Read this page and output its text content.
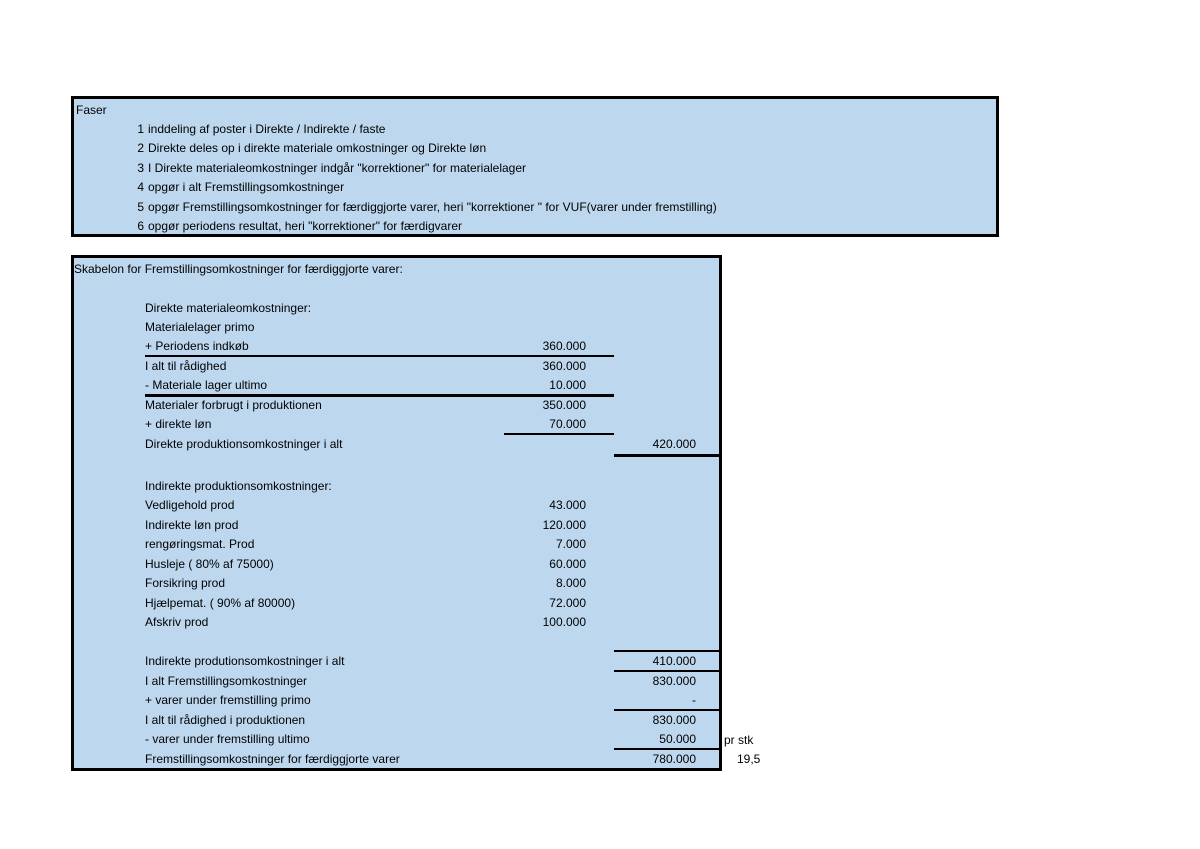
Faser
1 inddeling af poster i Direkte / Indirekte / faste
2 Direkte deles op i direkte materiale omkostninger og Direkte løn
3 I Direkte materialeomkostninger indgår "korrektioner" for materialelager
4 opgør i alt Fremstillingsomkostninger
5 opgør Fremstillingsomkostninger for færdiggjorte varer, heri "korrektioner " for VUF(varer under fremstilling)
6 opgør periodens resultat, heri "korrektioner" for færdigvarer
Skabelon for Fremstillingsomkostninger for færdiggjorte varer:
Direkte materialeomkostninger:
Materialelager primo
+ Periodens indkøb	360.000
I alt til rådighed	360.000
- Materiale lager ultimo	10.000
Materialer forbrugt i produktionen	350.000
+ direkte løn	70.000
Direkte produktionsomkostninger i alt	420.000
Indirekte produktionsomkostninger:
Vedligehold prod	43.000
Indirekte løn prod	120.000
rengøringsmat. Prod	7.000
Husleje ( 80% af 75000)	60.000
Forsikring prod	8.000
Hjælpemat. ( 90% af 80000)	72.000
Afskriv prod	100.000
Indirekte produtionsomkostninger i alt	410.000
I alt Fremstillingsomkostninger	830.000
+ varer under fremstilling primo	-
I alt til rådighed i produktionen	830.000
- varer under fremstilling ultimo	50.000
Fremstillingsomkostninger for færdiggjorte varer	780.000
pr stk
19,5
